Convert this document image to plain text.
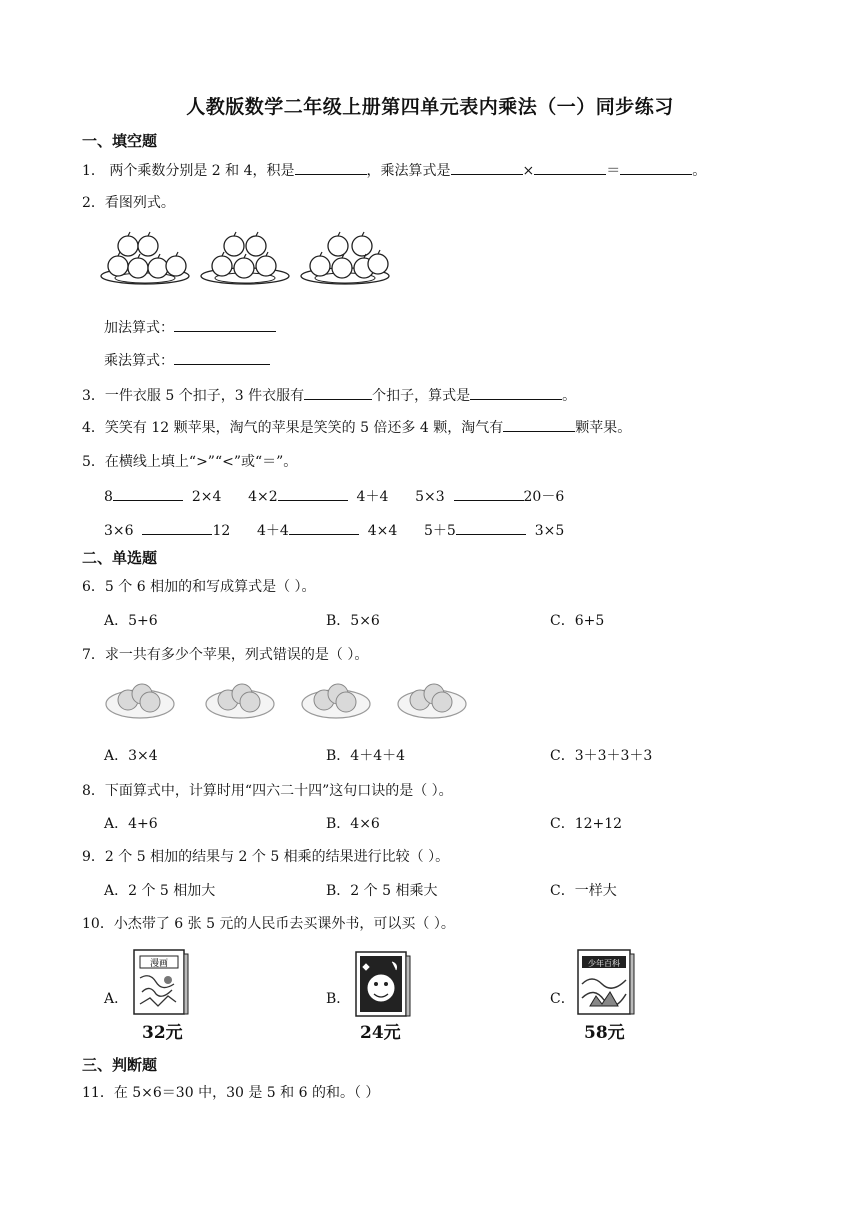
人教版数学二年级上册第四单元表内乘法（一）同步练习
一、填空题
1． 两个乘数分别是 2 和 4，积是	，乘法算式是	×	＝	。
2．看图列式。
加法算式：
乘法算式：
3．一件衣服 5 个扣子，3 件衣服有	个扣子，算式是	。
4．笑笑有 12 颗苹果，淘气的苹果是笑笑的 5 倍还多 4 颗，淘气有	颗苹果。
5．在横线上填上“>”“<”或“＝”。
8	2×4 4×2	4＋4 5×3	20－6
3×6	12 4＋4	4×4 5＋5	3×5
二、单选题
6．5 个 6 相加的和写成算式是（ ）。
A．5+6	B．5×6	C．6+5
7．求一共有多少个苹果，列式错误的是（ ）。
A．3×4	B．4＋4＋4	C．3＋3＋3＋3
8．下面算式中，计算时用“四六二十四”这句口诀的是（ ）。
A．4+6	B．4×6	C．12+12
9．2 个 5 相加的结果与 2 个 5 相乘的结果进行比较（ ）。
A．2 个 5 相加大	B．2 个 5 相乘大	C．一样大
10．小杰带了 6 张 5 元的人民币去买课外书，可以买（ ）。
A．
漫画
32元
B．
24元
C．
少年百科
58元
三、判断题
11．在 5×6＝30 中，30 是 5 和 6 的和。（ ）
